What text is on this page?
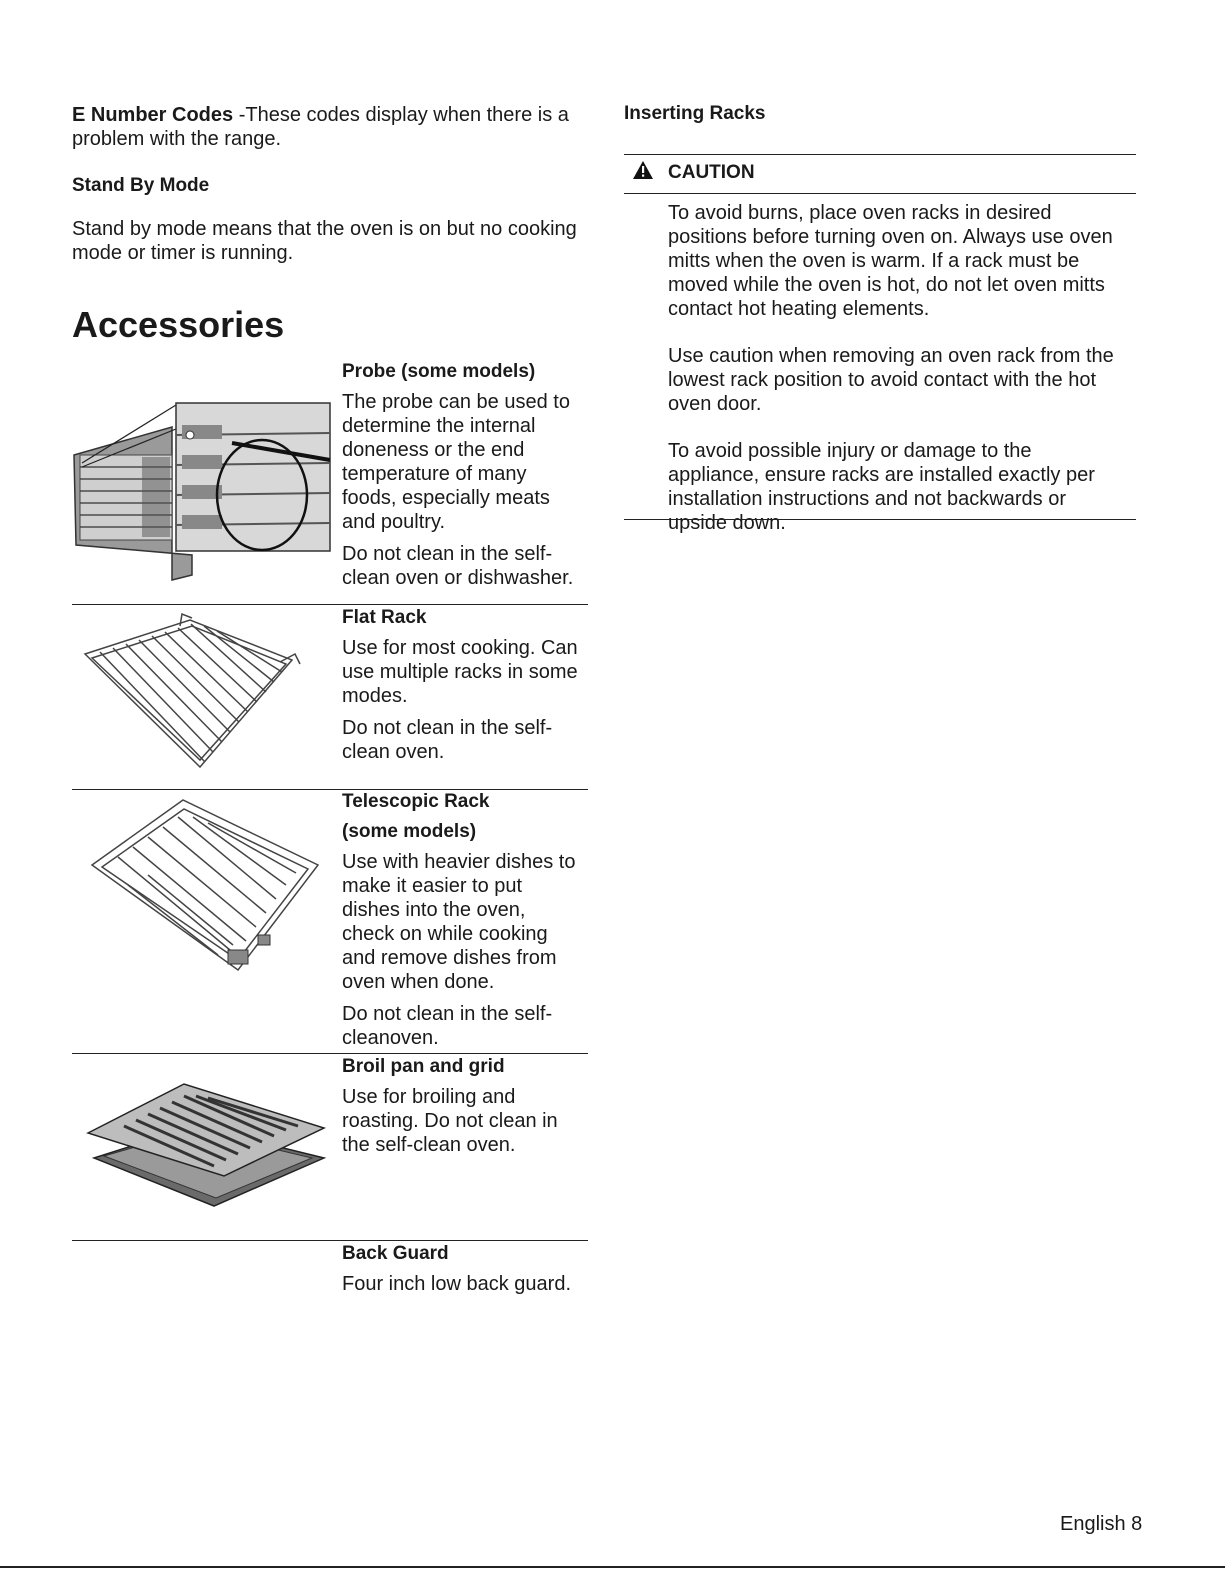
E Number Codes -These codes display when there is a problem with the range.

Stand By Mode

Stand by mode means that the oven is on but no cooking mode or timer is running.

Accessories

Probe (some models)

The probe can be used to determine the internal doneness or the end temperature of many foods, especially meats and poultry.

Do not clean in the self-clean oven or dishwasher.

Flat Rack

Use for most cooking. Can use multiple racks in some modes.

Do not clean in the self-clean oven.

Telescopic Rack

(some models)

Use with heavier dishes to make it easier to put dishes into the oven, check on while cooking and remove dishes from oven when done.

Do not clean in the self-cleanoven.

Broil pan and grid

Use for broiling and roasting. Do not clean in the self-clean oven.

Back Guard

Four inch low back guard.

Inserting Racks

CAUTION

To avoid burns, place oven racks in desired positions before turning oven on. Always use oven mitts when the oven is warm. If a rack must be moved while the oven is hot, do not let oven mitts contact hot heating elements.

Use caution when removing an oven rack from the lowest rack position to avoid contact with the hot oven door.

To avoid possible injury or damage to the appliance, ensure racks are installed exactly per installation instructions and not backwards or upside down.

English 8
